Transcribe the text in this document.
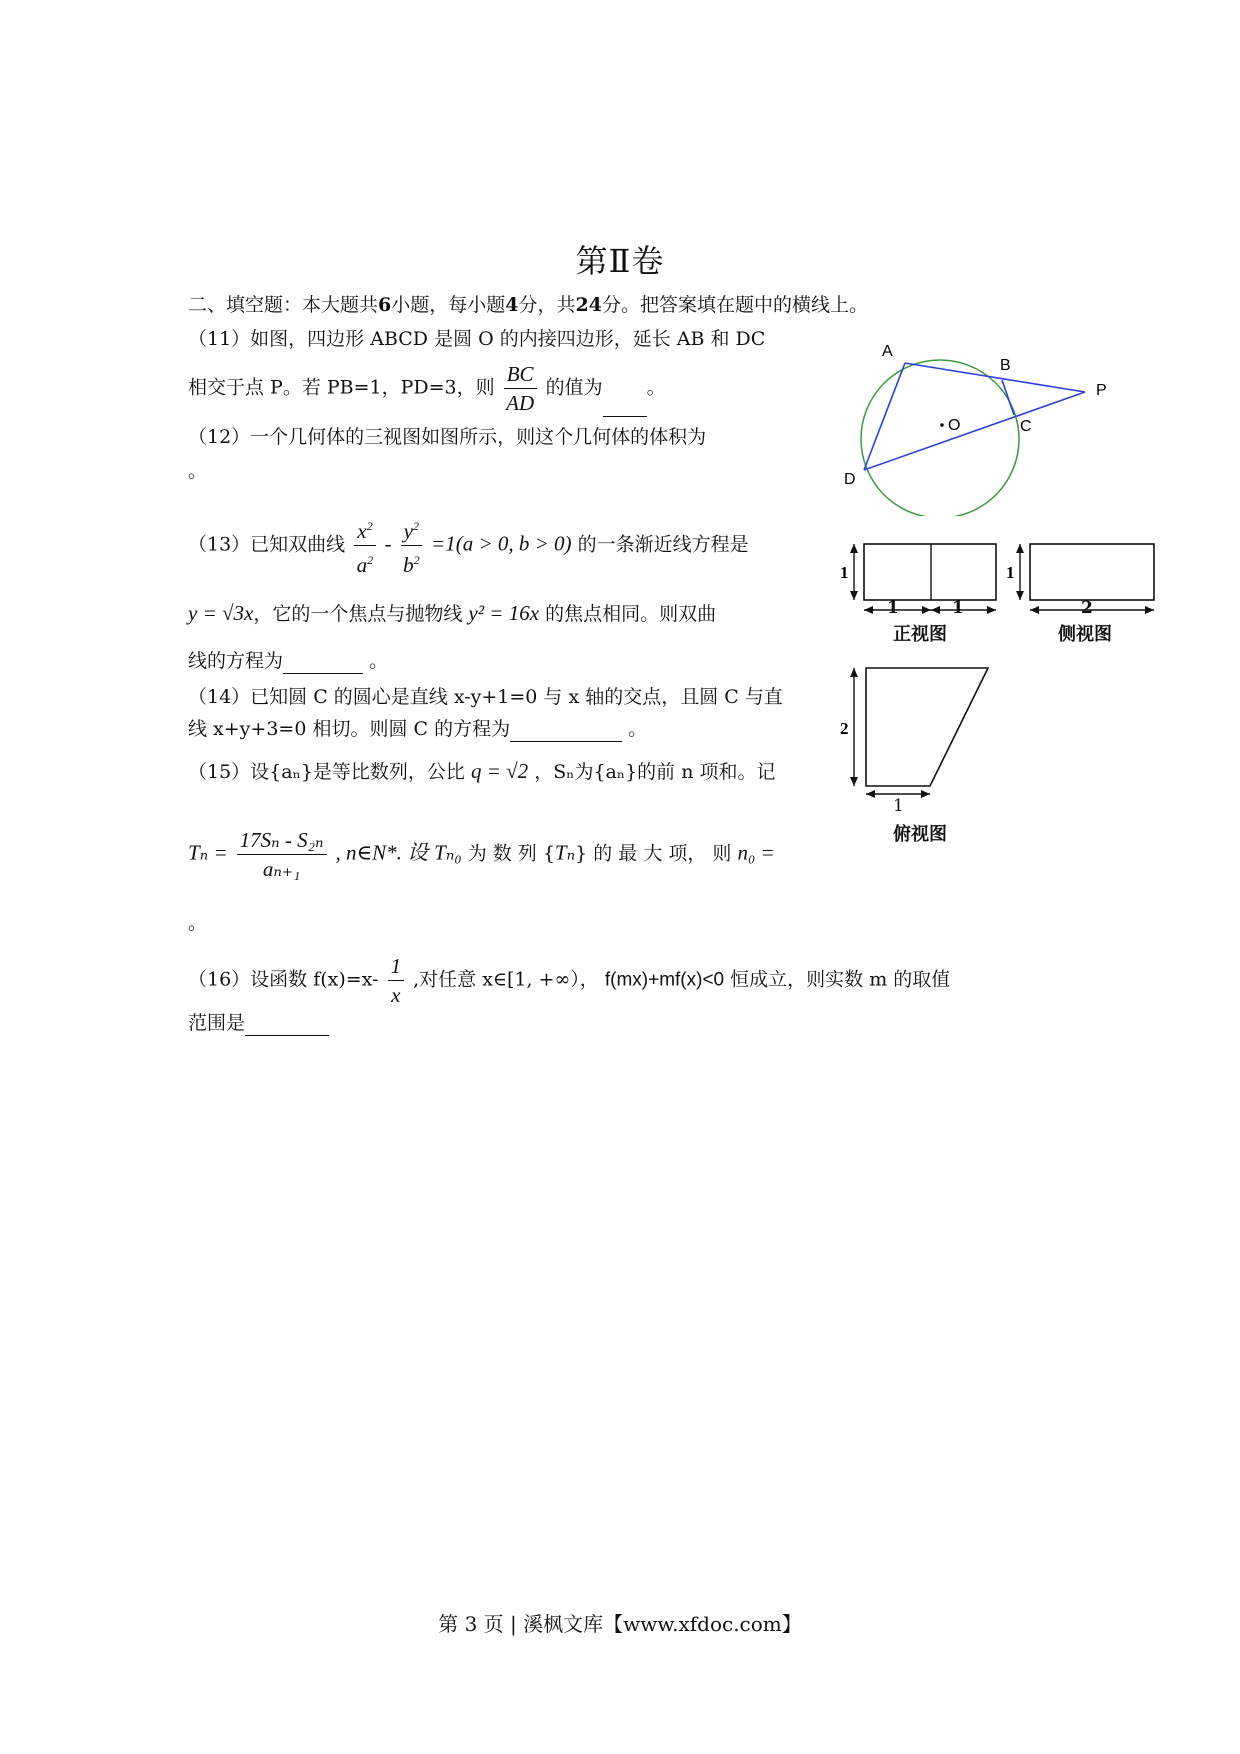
第Ⅱ卷
二、填空题：本大题共6小题，每小题4分，共24分。把答案填在题中的横线上。
（11）如图，四边形 ABCD 是圆 O 的内接四边形，延长 AB 和 DC
相交于点 P。若 PB=1，PD=3，则 $\frac{BC}{AD}$ 的值为 。
（12）一个几何体的三视图如图所示，则这个几何体的体积为
。
（13）已知双曲线 $\frac{x^2}{a^2} - \frac{y^2}{b^2} =1(a > 0$, b > 0) 的一条渐近线方程是
y = √3x，它的一个焦点与抛物线 y² = 16x 的焦点相同。则双曲
线的方程为	。
（14）已知圆 C 的圆心是直线 x-y+1=0 与 x 轴的交点，且圆 C 与直
线 x+y+3=0 相切。则圆 C 的方程为	。
（15）设{aₙ}是等比数列，公比 q = √2 ，Sₙ为{aₙ}的前 n 项和。记
$T_n = \frac{\text{17Sₙ - S₂ₙ}}{\text{aₙ₊₁}}$ , n∈N*. 设 Tₙ₀ 为 数 列 {Tₙ} 的 最 大 项， 则 n₀ =
。
（16）设函数 $f(x)=x- \frac{1}{x}$ ,对任意 x∈[1, +∞）， f(mx)+mf(x)<0 恒成立，则实数 m 的取值
范围是
A
B
P
O	C
D
1
1	1
正视图
1
2
侧视图
2
1
俯视图
第 3 页 | 溪枫文库【www.xfdoc.com】
